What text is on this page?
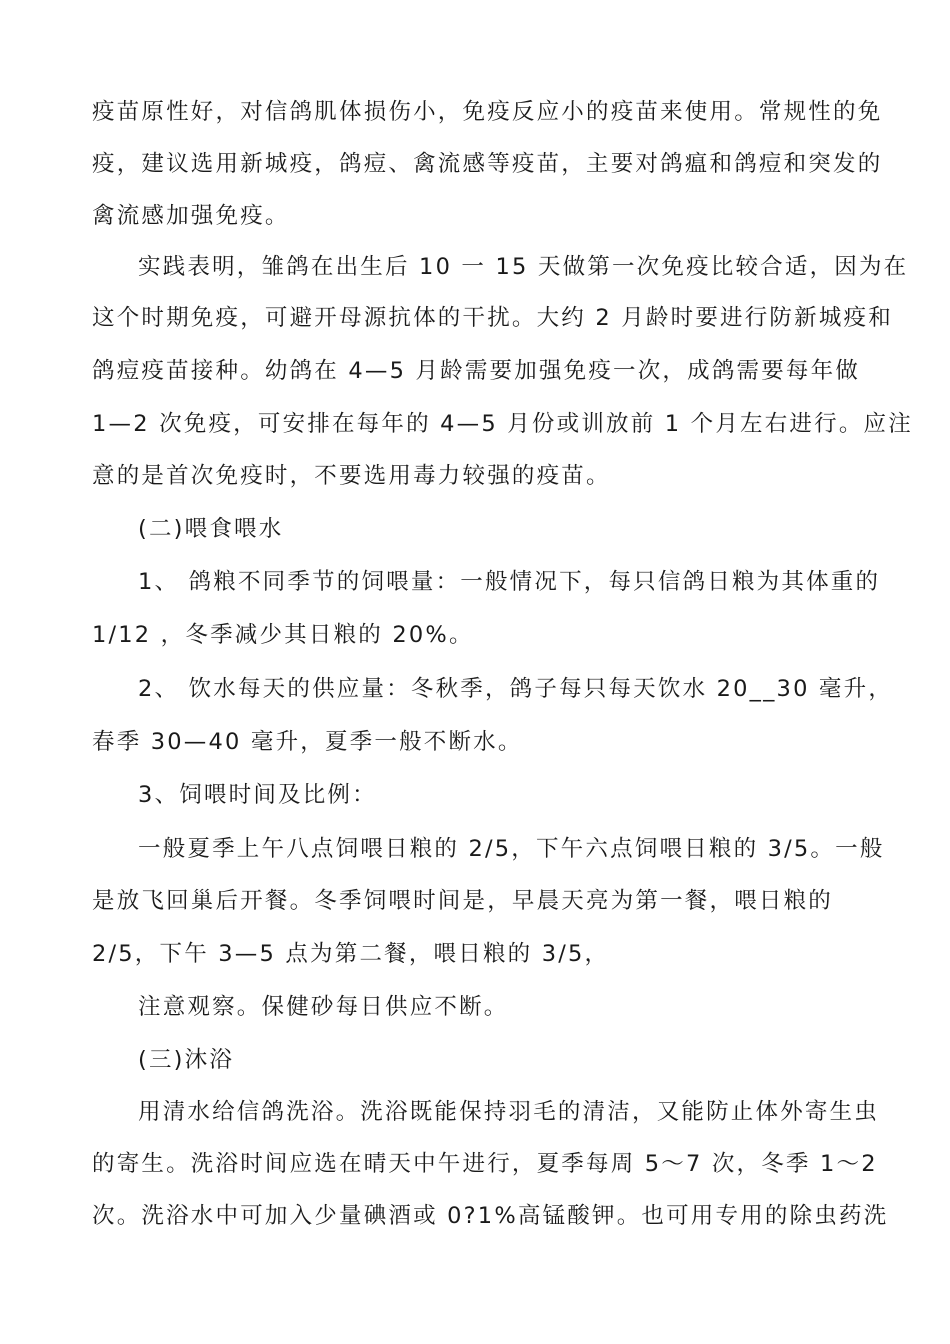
疫苗原性好，对信鸽肌体损伤小，免疫反应小的疫苗来使用。常规性的免
疫，建议选用新城疫，鸽痘、禽流感等疫苗，主要对鸽瘟和鸽痘和突发的
禽流感加强免疫。
实践表明，雏鸽在出生后 10 一 15 天做第一次免疫比较合适，因为在
这个时期免疫，可避开母源抗体的干扰。大约 2 月龄时要进行防新城疫和
鸽痘疫苗接种。幼鸽在 4—5 月龄需要加强免疫一次，成鸽需要每年做
1—2 次免疫，可安排在每年的 4—5 月份或训放前 1 个月左右进行。应注
意的是首次免疫时，不要选用毒力较强的疫苗。
(二)喂食喂水
1、 鸽粮不同季节的饲喂量：一般情况下，每只信鸽日粮为其体重的
1/12 ，冬季减少其日粮的 20%。
2、 饮水每天的供应量：冬秋季，鸽子每只每天饮水 20__30 毫升，
春季 30—40 毫升，夏季一般不断水。
3、饲喂时间及比例：
一般夏季上午八点饲喂日粮的 2/5，下午六点饲喂日粮的 3/5。一般
是放飞回巢后开餐。冬季饲喂时间是，早晨天亮为第一餐，喂日粮的
2/5，下午 3—5 点为第二餐，喂日粮的 3/5，
注意观察。保健砂每日供应不断。
(三)沐浴
用清水给信鸽洗浴。洗浴既能保持羽毛的清洁，又能防止体外寄生虫
的寄生。洗浴时间应选在晴天中午进行，夏季每周 5～7 次，冬季 1～2
次。洗浴水中可加入少量碘酒或 0?1%高锰酸钾。也可用专用的除虫药洗
